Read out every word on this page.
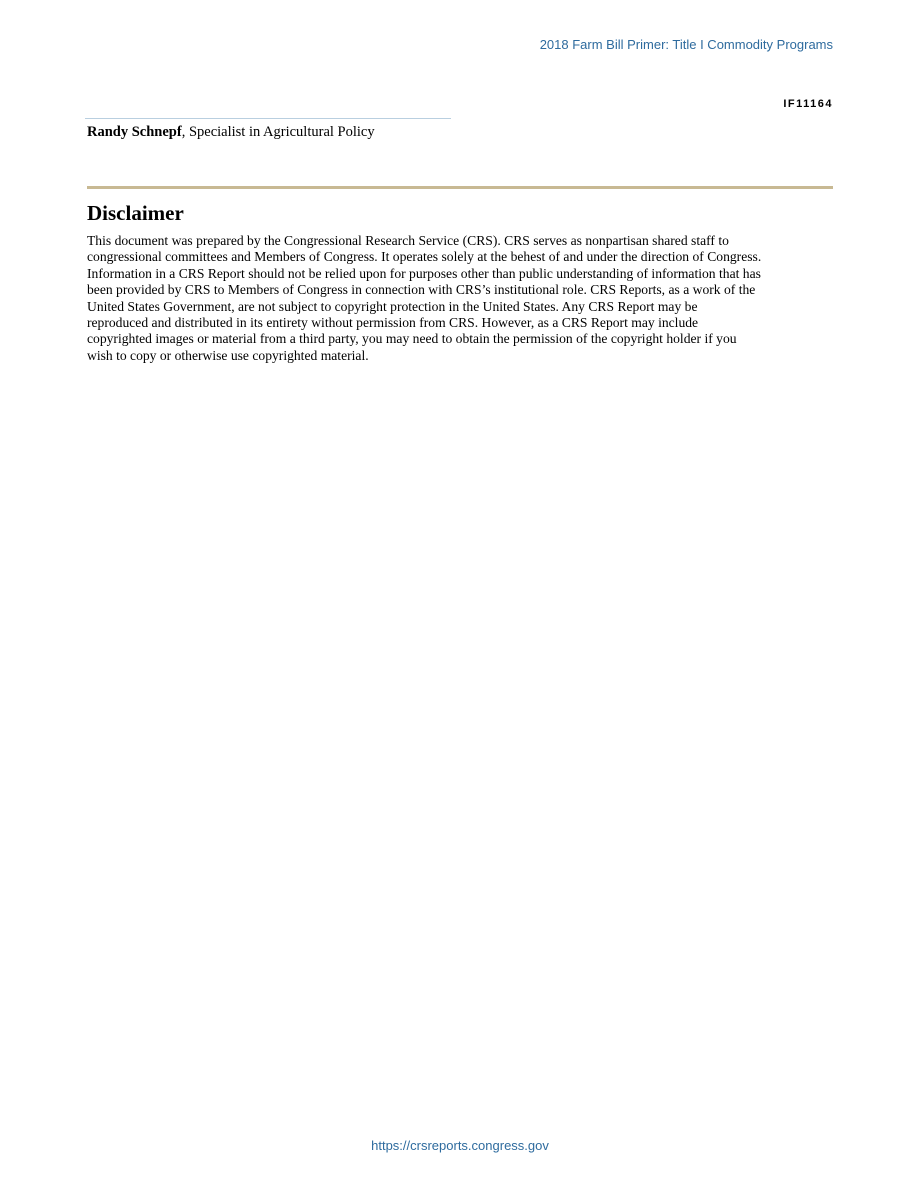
2018 Farm Bill Primer: Title I Commodity Programs
IF11164
Randy Schnepf, Specialist in Agricultural Policy
Disclaimer

This document was prepared by the Congressional Research Service (CRS). CRS serves as nonpartisan shared staff to
congressional committees and Members of Congress. It operates solely at the behest of and under the direction of Congress.
Information in a CRS Report should not be relied upon for purposes other than public understanding of information that has
been provided by CRS to Members of Congress in connection with CRS’s institutional role. CRS Reports, as a work of the
United States Government, are not subject to copyright protection in the United States. Any CRS Report may be
reproduced and distributed in its entirety without permission from CRS. However, as a CRS Report may include
copyrighted images or material from a third party, you may need to obtain the permission of the copyright holder if you
wish to copy or otherwise use copyrighted material.

https://crsreports.congress.gov
